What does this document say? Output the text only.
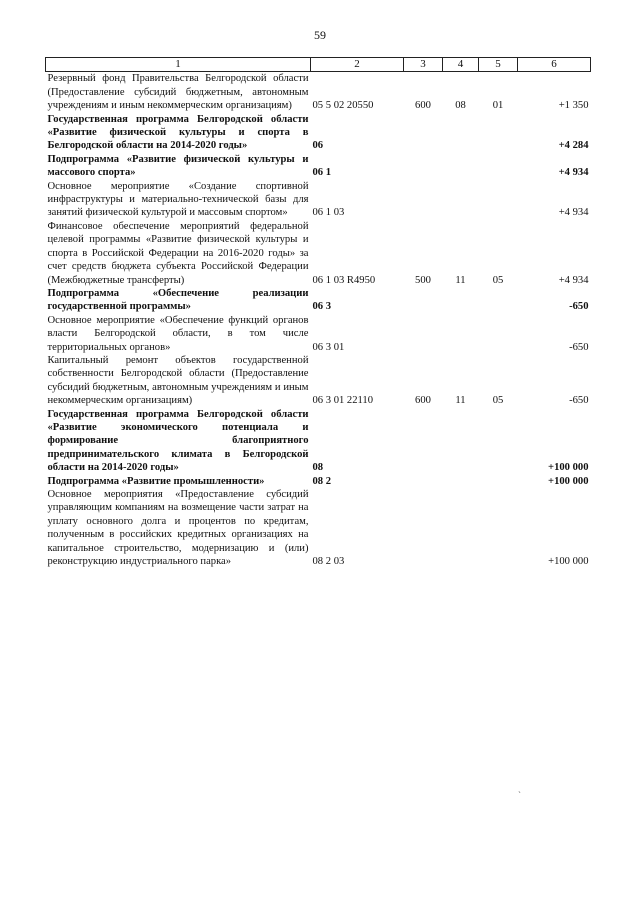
59
1	2	3	4	5	6
Резервный фонд Правительства Белгородской области (Предоставление субсидий бюджетным, автономным учреждениям и иным некоммерческим организациям)	05 5 02 20550	600	08	01	+1 350
Государственная программа Белгородской области «Развитие физической культуры и спорта в Белгородской области на 2014-2020 годы»	06				+4 284
Подпрограмма «Развитие физической культуры и массового спорта»	06 1				+4 934
Основное мероприятие «Создание спортивной инфраструктуры и материально-технической базы для занятий физической культурой и массовым спортом»	06 1 03				+4 934
Финансовое обеспечение мероприятий федеральной целевой программы «Развитие физической культуры и спорта в Российской Федерации на 2016-2020 годы» за счет средств бюджета субъекта Российской Федерации (Межбюджетные трансферты)	06 1 03 R4950	500	11	05	+4 934
Подпрограмма «Обеспечение реализации государственной программы»	06 3				-650
Основное мероприятие «Обеспечение функций органов власти Белгородской области, в том числе территориальных органов»	06 3 01				-650
Капитальный ремонт объектов государственной собственности Белгородской области (Предоставление субсидий бюджетным, автономным учреждениям и иным некоммерческим организациям)	06 3 01 22110	600	11	05	-650
Государственная программа Белгородской области «Развитие экономического потенциала и формирование благоприятного предпринимательского климата в Белгородской области на 2014-2020 годы»	08				+100 000
Подпрограмма «Развитие промышленности»	08 2				+100 000
Основное мероприятия «Предоставление субсидий управляющим компаниям на возмещение части затрат на уплату основного долга и процентов по кредитам, полученным в российских кредитных организациях на капитальное строительство, модернизацию и (или) реконструкцию индустриального парка»	08 2 03				+100 000
`
